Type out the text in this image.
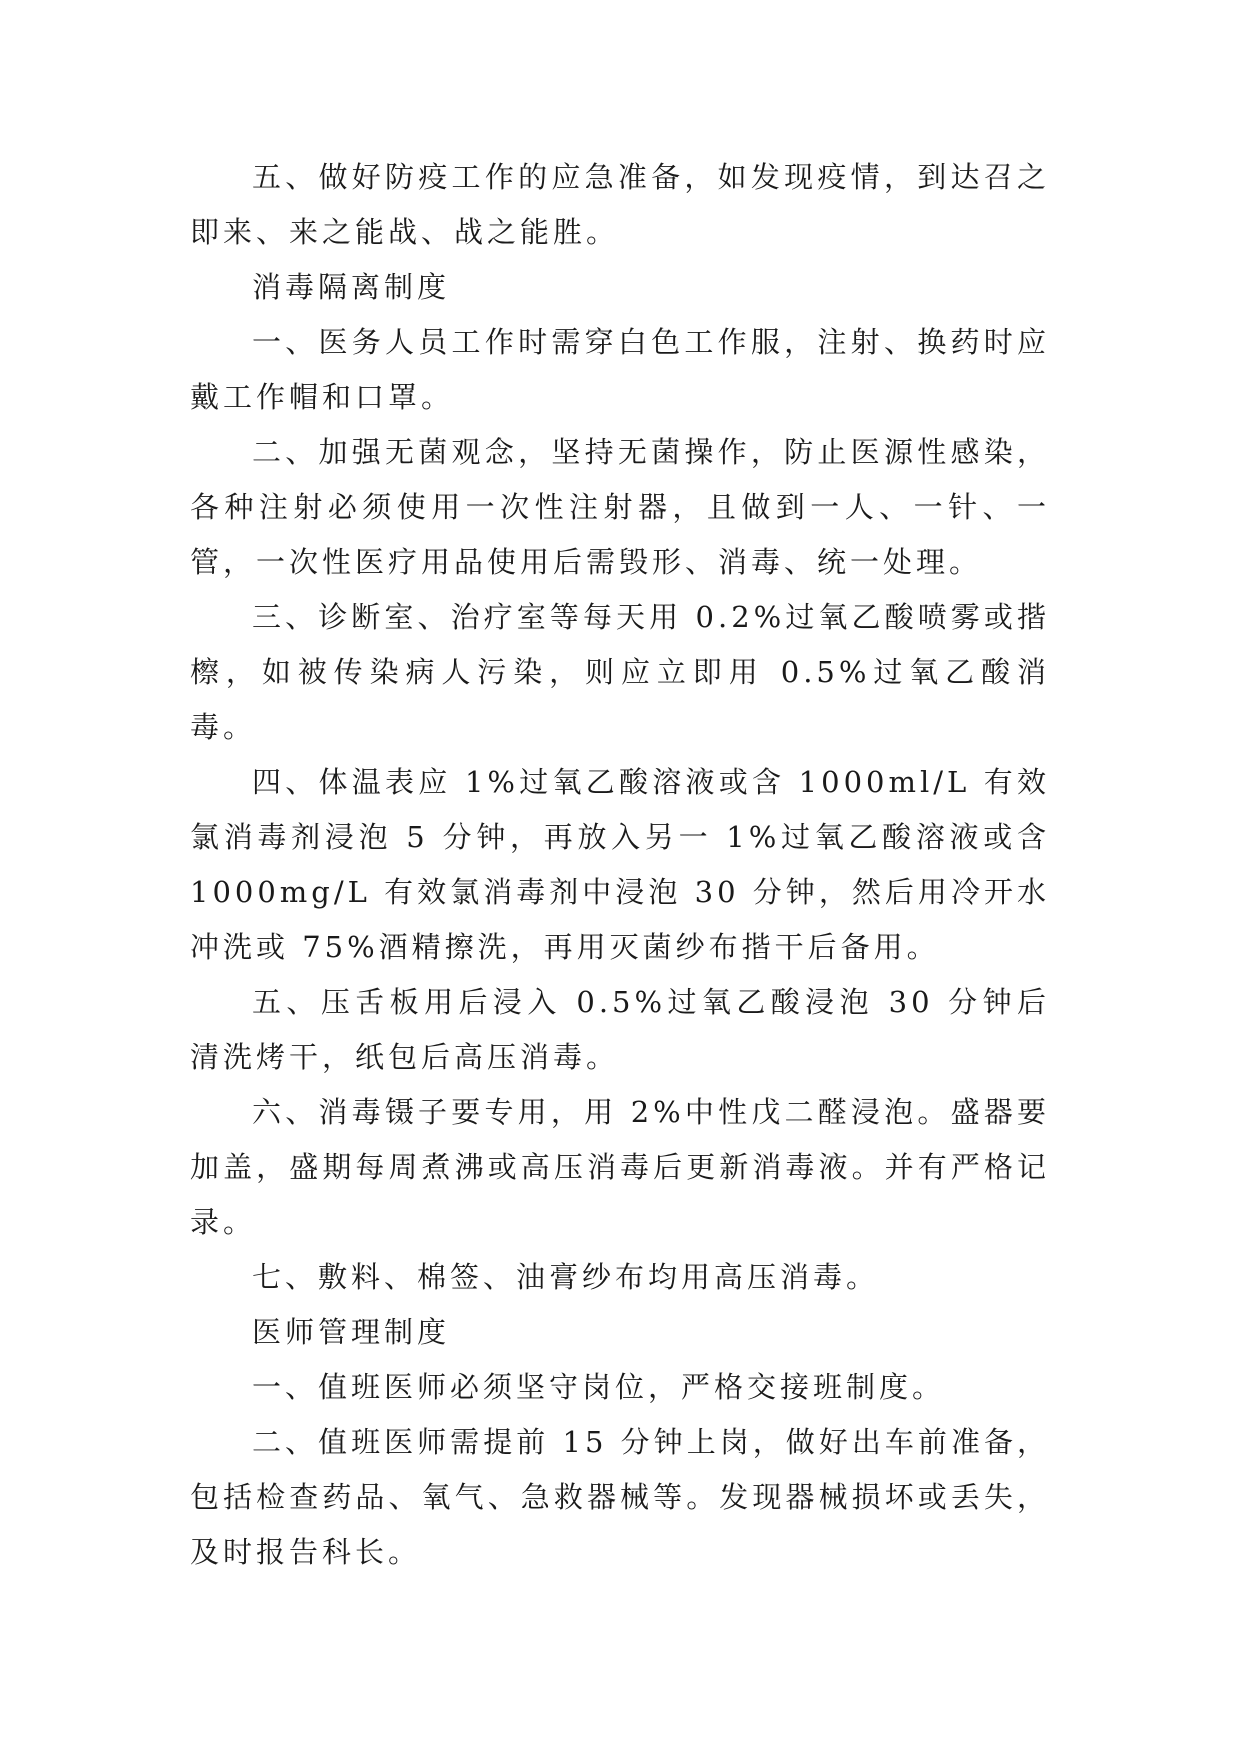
五、做好防疫工作的应急准备，如发现疫情，到达召之即来、来之能战、战之能胜。

消毒隔离制度

一、医务人员工作时需穿白色工作服，注射、换药时应戴工作帽和口罩。

二、加强无菌观念，坚持无菌操作，防止医源性感染，各种注射必须使用一次性注射器，且做到一人、一针、一管，一次性医疗用品使用后需毁形、消毒、统一处理。

三、诊断室、治疗室等每天用 0.2%过氧乙酸喷雾或揩檫，如被传染病人污染，则应立即用 0.5%过氧乙酸消毒。

四、体温表应 1%过氧乙酸溶液或含 1000ml/L 有效氯消毒剂浸泡 5 分钟，再放入另一 1%过氧乙酸溶液或含 1000mg/L 有效氯消毒剂中浸泡 30 分钟，然后用冷开水冲洗或 75%酒精擦洗，再用灭菌纱布揩干后备用。

五、压舌板用后浸入 0.5%过氧乙酸浸泡 30 分钟后清洗烤干，纸包后高压消毒。

六、消毒镊子要专用，用 2%中性戊二醛浸泡。盛器要加盖，盛期每周煮沸或高压消毒后更新消毒液。并有严格记录。

七、敷料、棉签、油膏纱布均用高压消毒。

医师管理制度

一、值班医师必须坚守岗位，严格交接班制度。

二、值班医师需提前 15 分钟上岗，做好出车前准备，包括检查药品、氧气、急救器械等。发现器械损坏或丢失，及时报告科长。
